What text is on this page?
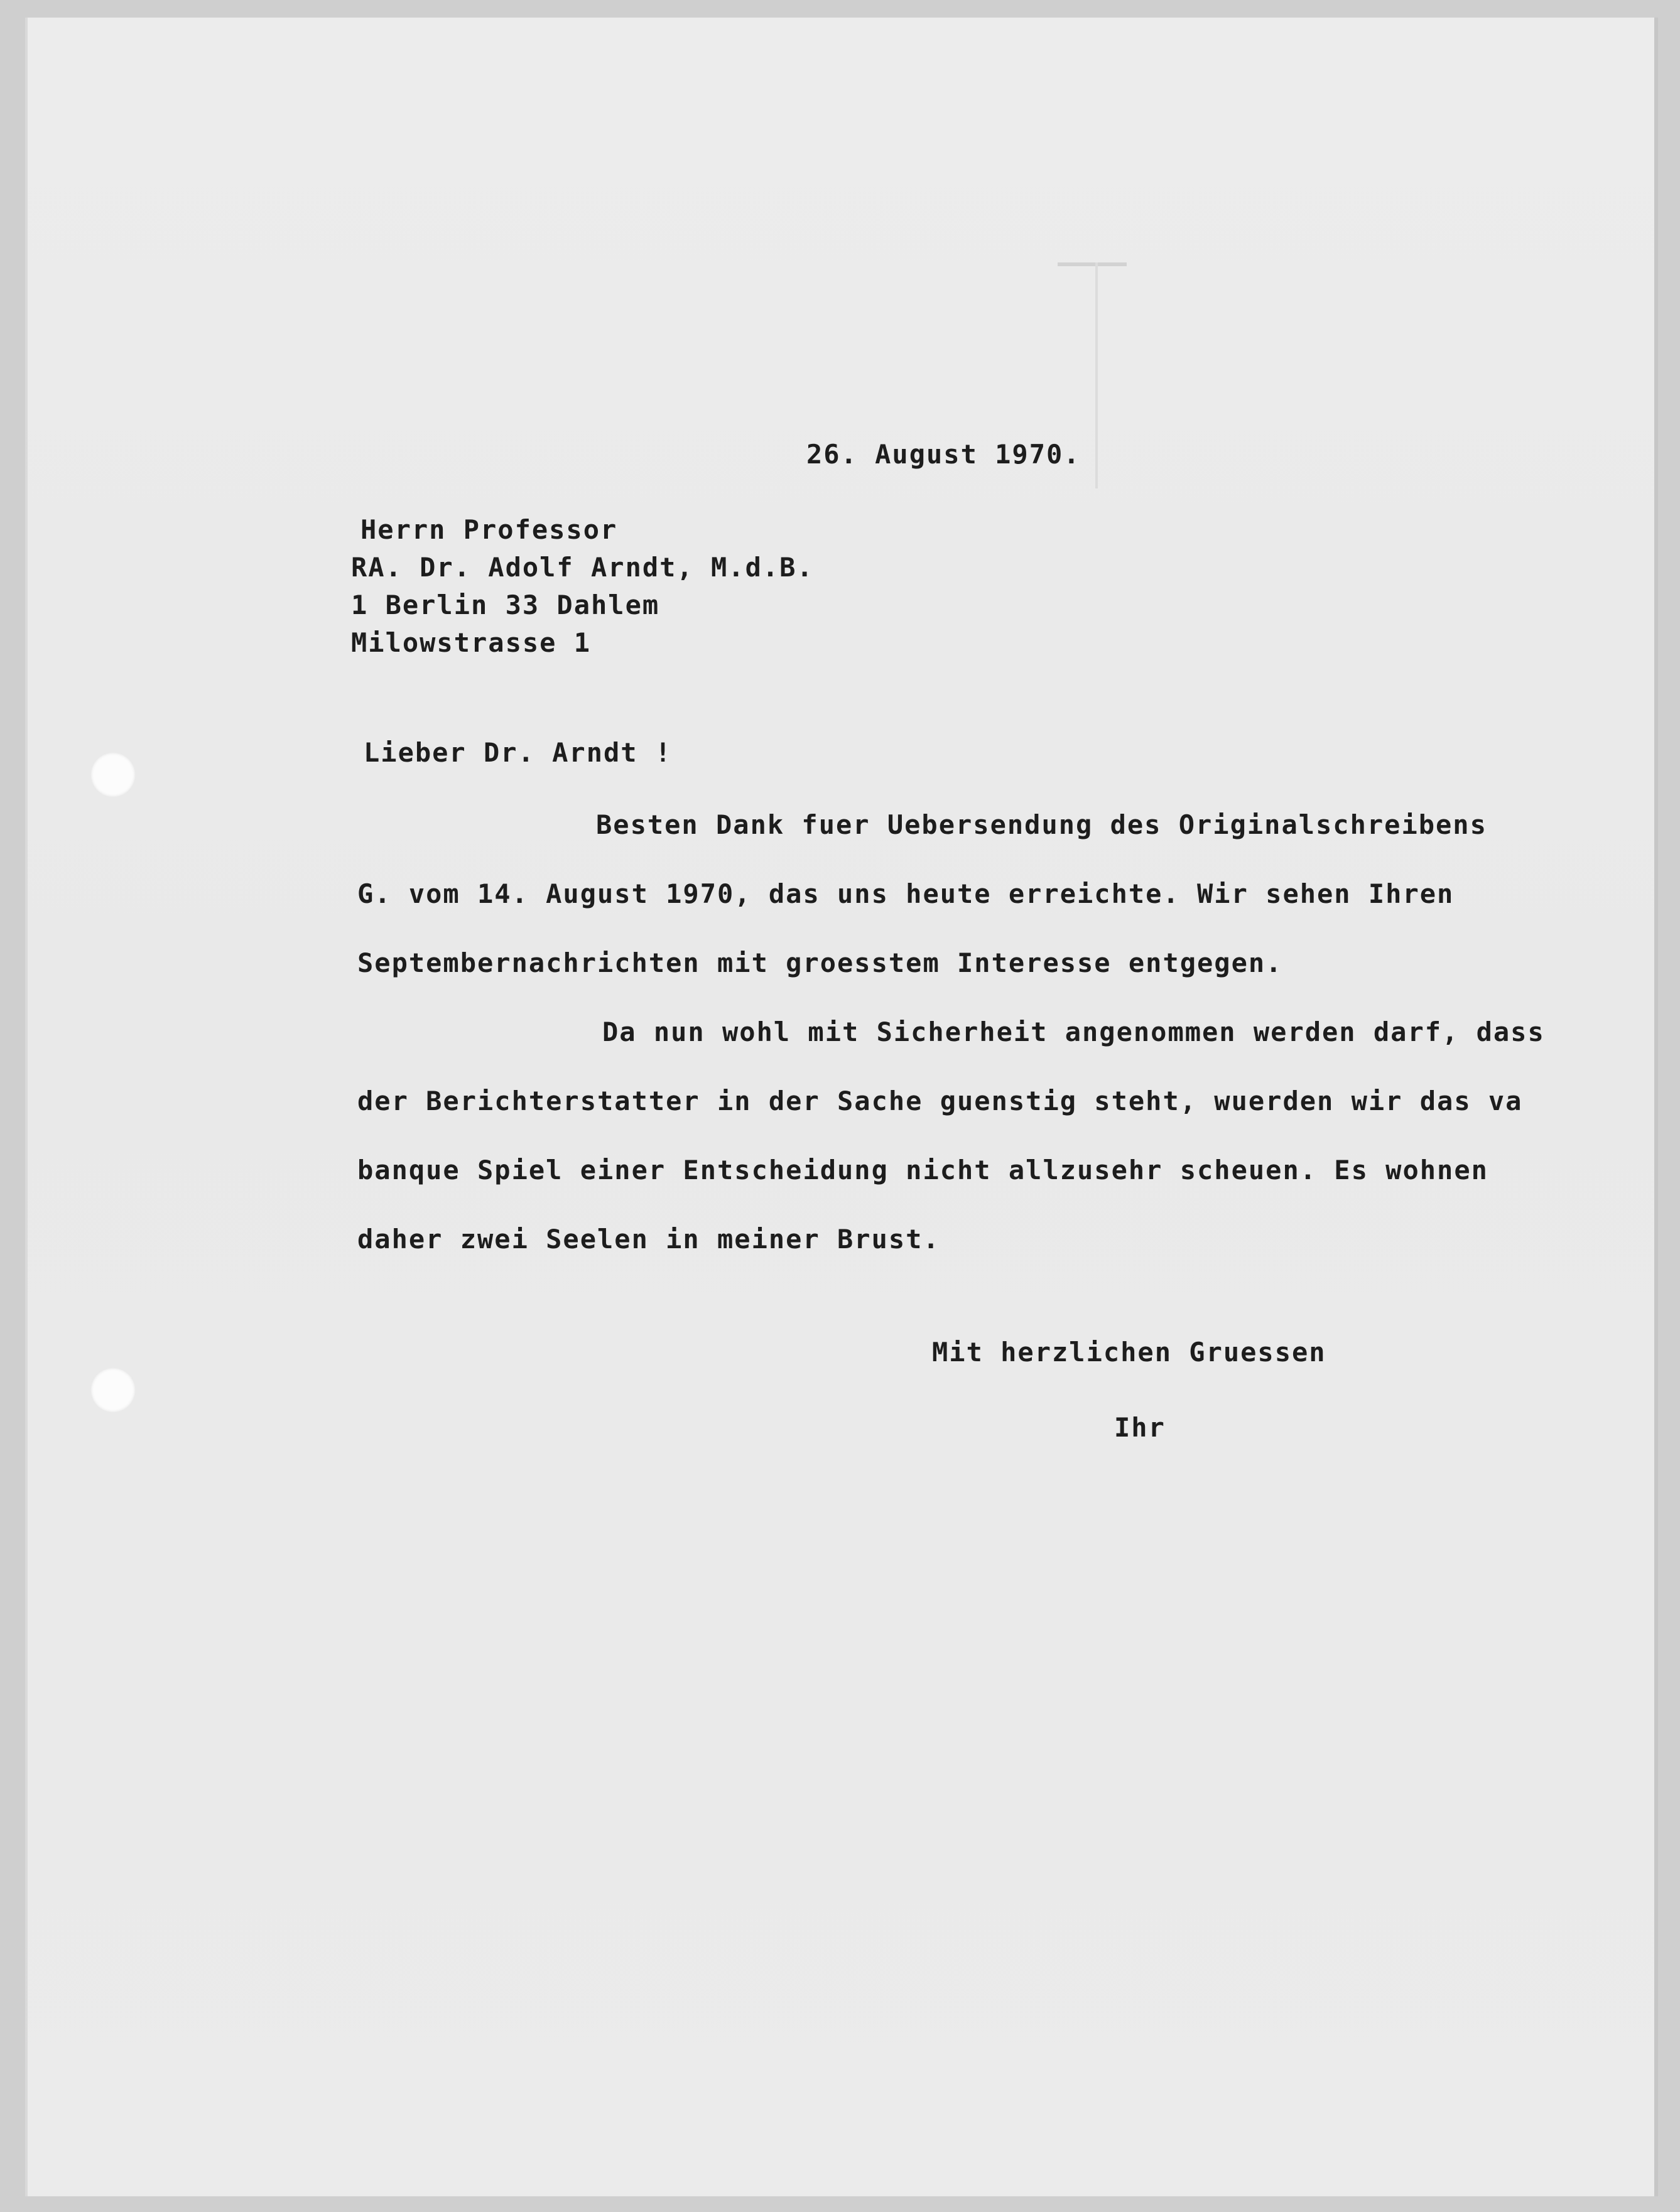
26. August 1970.
Herrn Professor
RA. Dr. Adolf Arndt, M.d.B.
1 Berlin 33 Dahlem
Milowstrasse 1
Lieber Dr. Arndt !
Besten Dank fuer Uebersendung des Originalschreibens
G. vom 14. August 1970, das uns heute erreichte. Wir sehen Ihren
Septembernachrichten mit groesstem Interesse entgegen.
Da nun wohl mit Sicherheit angenommen werden darf, dass
der Berichterstatter in der Sache guenstig steht, wuerden wir das va
banque Spiel einer Entscheidung nicht allzusehr scheuen. Es wohnen
daher zwei Seelen in meiner Brust.
Mit herzlichen Gruessen
Ihr
